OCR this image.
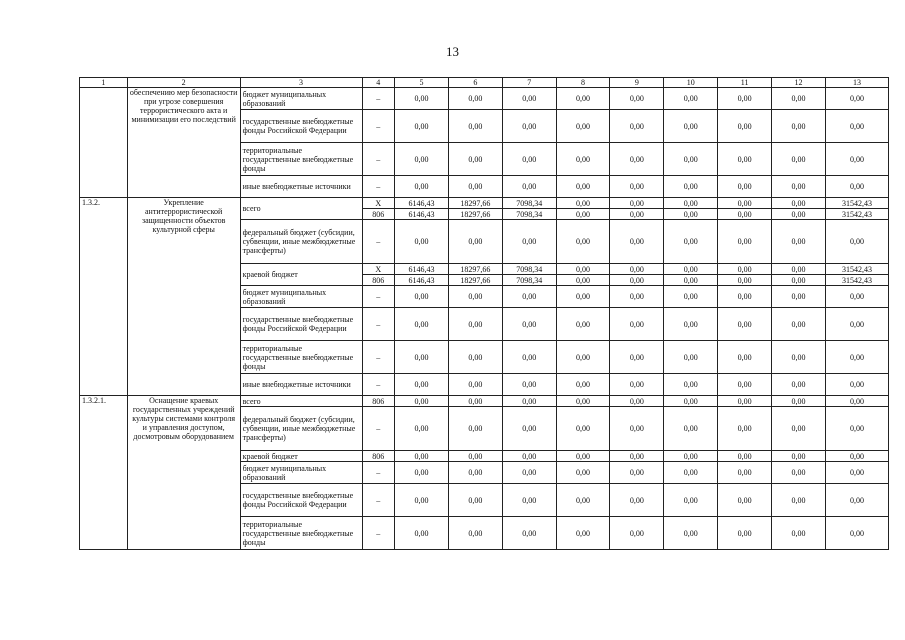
13
1	2	3	4	5	6	7	8	9	10	11	12	13
	обеспечению мер безопасности при угрозе совершения террористического акта и минимизации его последствий	бюджет муниципальных образований	–	0,00	0,00	0,00	0,00	0,00	0,00	0,00	0,00	0,00
		государственные внебюджетные фонды Российской Федерации	–	0,00	0,00	0,00	0,00	0,00	0,00	0,00	0,00	0,00
		территориальные государственные внебюджетные фонды	–	0,00	0,00	0,00	0,00	0,00	0,00	0,00	0,00	0,00
		иные внебюджетные источники	–	0,00	0,00	0,00	0,00	0,00	0,00	0,00	0,00	0,00
1.3.2.	Укрепление антитеррористической защищенности объектов культурной сферы	всего	Х	6146,43	18297,66	7098,34	0,00	0,00	0,00	0,00	0,00	31542,43
			806	6146,43	18297,66	7098,34	0,00	0,00	0,00	0,00	0,00	31542,43
		федеральный бюджет (субсидии, субвенции, иные межбюджетные трансферты)	–	0,00	0,00	0,00	0,00	0,00	0,00	0,00	0,00	0,00
		краевой бюджет	Х	6146,43	18297,66	7098,34	0,00	0,00	0,00	0,00	0,00	31542,43
			806	6146,43	18297,66	7098,34	0,00	0,00	0,00	0,00	0,00	31542,43
		бюджет муниципальных образований	–	0,00	0,00	0,00	0,00	0,00	0,00	0,00	0,00	0,00
		государственные внебюджетные фонды Российской Федерации	–	0,00	0,00	0,00	0,00	0,00	0,00	0,00	0,00	0,00
		территориальные государственные внебюджетные фонды	–	0,00	0,00	0,00	0,00	0,00	0,00	0,00	0,00	0,00
		иные внебюджетные источники	–	0,00	0,00	0,00	0,00	0,00	0,00	0,00	0,00	0,00
1.3.2.1.	Оснащение краевых государственных учреждений культуры системами контроля и управления доступом, досмотровым оборудованием	всего	806	0,00	0,00	0,00	0,00	0,00	0,00	0,00	0,00	0,00
		федеральный бюджет (субсидии, субвенции, иные межбюджетные трансферты)	–	0,00	0,00	0,00	0,00	0,00	0,00	0,00	0,00	0,00
		краевой бюджет	806	0,00	0,00	0,00	0,00	0,00	0,00	0,00	0,00	0,00
		бюджет муниципальных образований	–	0,00	0,00	0,00	0,00	0,00	0,00	0,00	0,00	0,00
		государственные внебюджетные фонды Российской Федерации	–	0,00	0,00	0,00	0,00	0,00	0,00	0,00	0,00	0,00
		территориальные государственные внебюджетные фонды	–	0,00	0,00	0,00	0,00	0,00	0,00	0,00	0,00	0,00
